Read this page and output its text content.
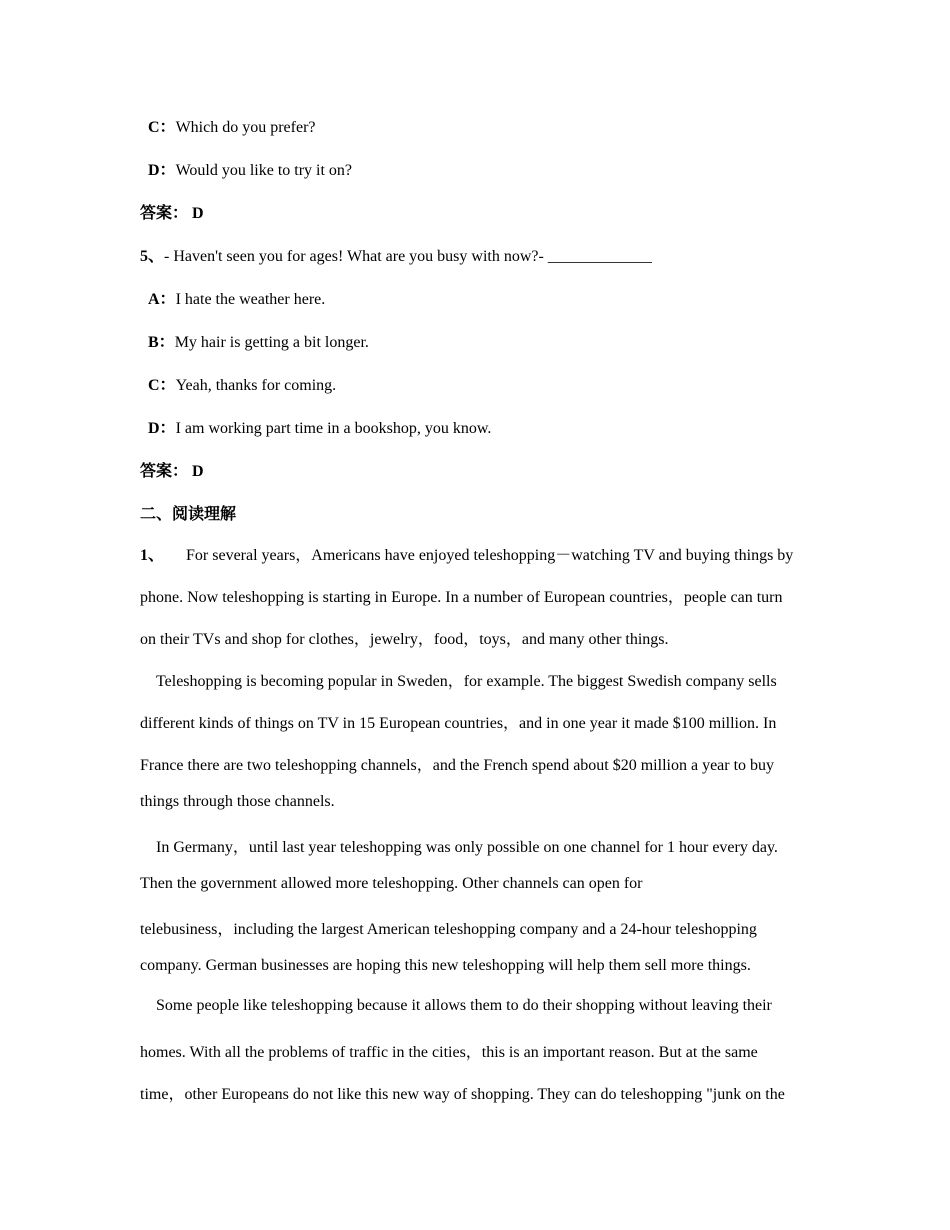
C：Which do you prefer?
D：Would you like to try it on?
答案： D
5、- Haven't seen you for ages! What are you busy with now?- _____________
A：I hate the weather here.
B：My hair is getting a bit longer.
C：Yeah, thanks for coming.
D：I am working part time in a bookshop, you know.
答案： D
二、阅读理解
1、 For several years，Americans have enjoyed teleshopping－watching TV and buying things by
phone. Now teleshopping is starting in Europe. In a number of European countries，people can turn
on their TVs and shop for clothes，jewelry，food，toys，and many other things.
Teleshopping is becoming popular in Sweden，for example. The biggest Swedish company sells
different kinds of things on TV in 15 European countries，and in one year it made $100 million. In
France there are two teleshopping channels，and the French spend about $20 million a year to buy
things through those channels.
In Germany，until last year teleshopping was only possible on one channel for 1 hour every day.
Then the government allowed more teleshopping. Other channels can open for
telebusiness，including the largest American teleshopping company and a 24-hour teleshopping
company. German businesses are hoping this new teleshopping will help them sell more things.
Some people like teleshopping because it allows them to do their shopping without leaving their
homes. With all the problems of traffic in the cities，this is an important reason. But at the same
time，other Europeans do not like this new way of shopping. They can do teleshopping "junk on the
